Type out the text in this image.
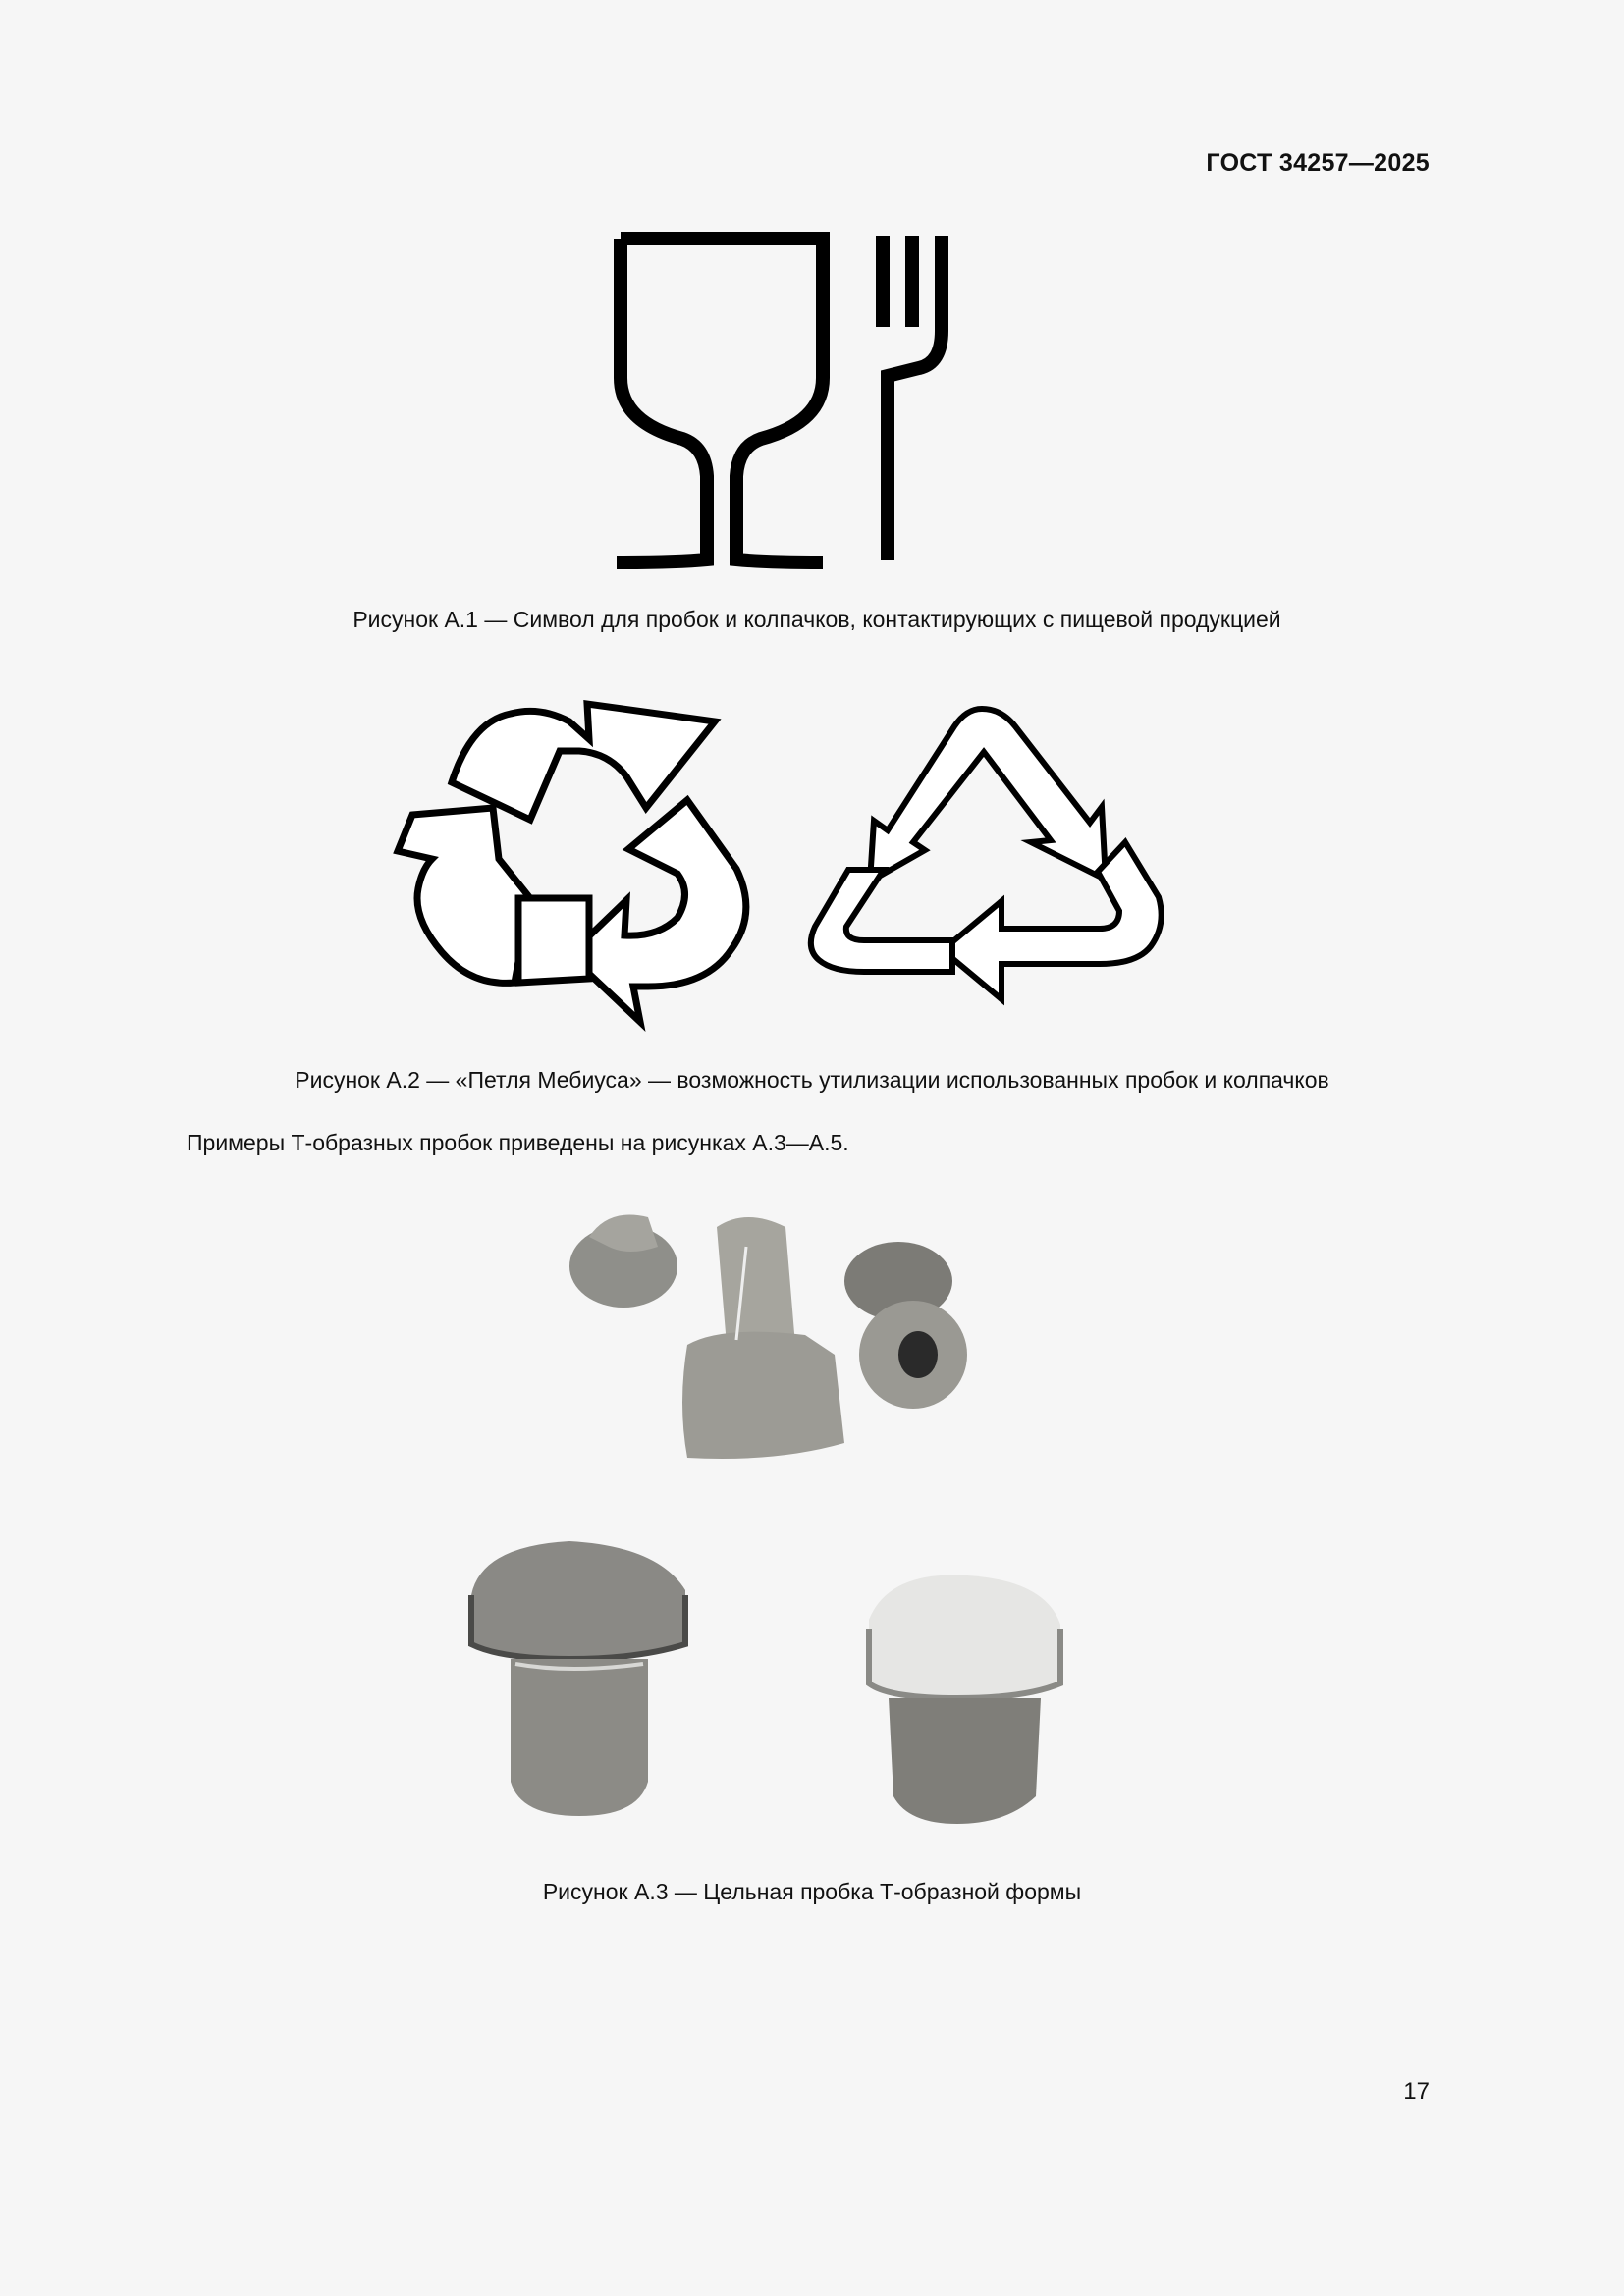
ГОСТ 34257—2025
Рисунок А.1 — Символ для пробок и колпачков, контактирующих с пищевой продукцией
Рисунок А.2 — «Петля Мебиуса» — возможность утилизации использованных пробок и колпачков
Примеры Т-образных пробок приведены на рисунках А.3—А.5.
Рисунок А.3 — Цельная пробка Т-образной формы
17
